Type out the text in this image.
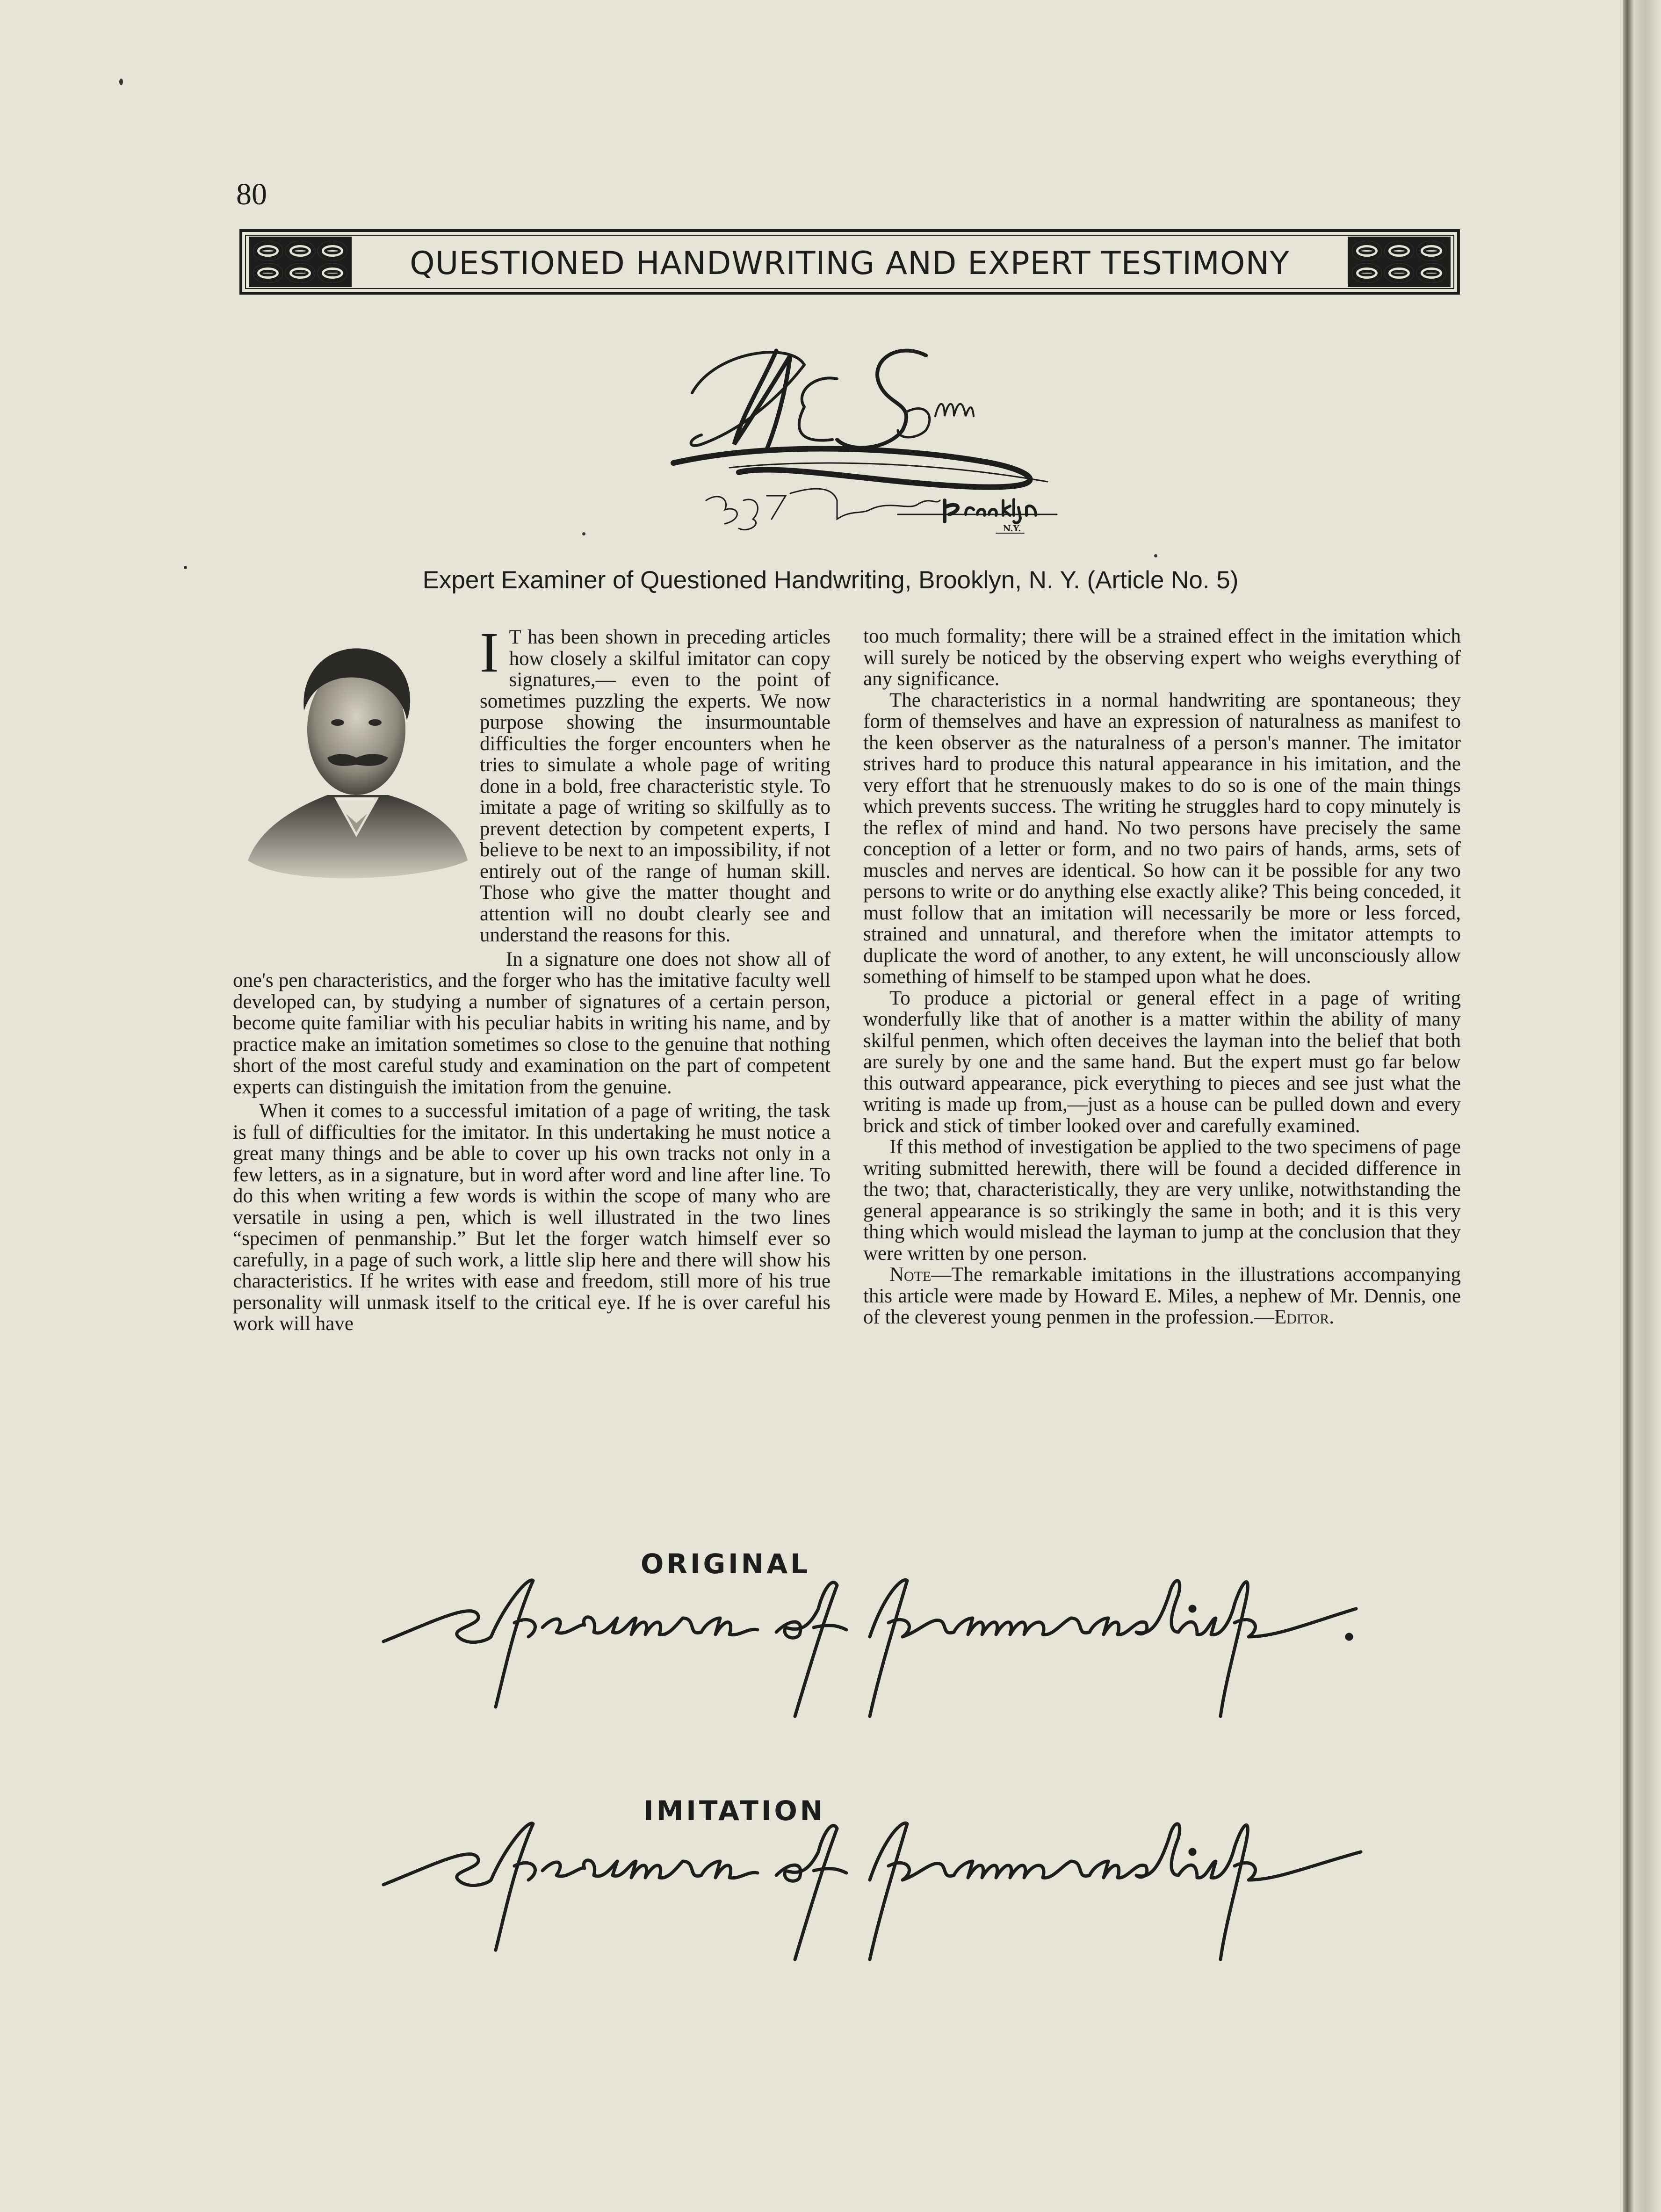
80
QUESTIONED HANDWRITING AND EXPERT TESTIMONY
N.Y.
Expert Examiner of Questioned Handwriting, Brooklyn, N. Y. (Article No. 5)

I T has been shown in preceding articles how closely a skilful imitator can copy signatures,— even to the point of sometimes puzzling the experts. We now purpose showing the insurmountable difficulties the forger encounters when he tries to simulate a whole page of writing done in a bold, free characteristic style. To imitate a page of writing so skilfully as to prevent detection by competent experts, I believe to be next to an impossibility, if not entirely out of the range of human skill. Those who give the matter thought and attention will no doubt clearly see and understand the reasons for this.

In a signature one does not show all of one's pen characteristics, and the forger who has the imitative faculty well developed can, by studying a number of signatures of a certain person, become quite familiar with his peculiar habits in writing his name, and by practice make an imitation sometimes so close to the genuine that nothing short of the most careful study and examination on the part of competent experts can distinguish the imitation from the genuine.

When it comes to a successful imitation of a page of writing, the task is full of difficulties for the imitator. In this undertaking he must notice a great many things and be able to cover up his own tracks not only in a few letters, as in a signature, but in word after word and line after line. To do this when writing a few words is within the scope of many who are versatile in using a pen, which is well illustrated in the two lines “specimen of penmanship.” But let the forger watch himself ever so carefully, in a page of such work, a little slip here and there will show his characteristics. If he writes with ease and freedom, still more of his true personality will unmask itself to the critical eye. If he is over careful his work will have

too much formality; there will be a strained effect in the imitation which will surely be noticed by the observing expert who weighs everything of any significance.

The characteristics in a normal handwriting are spontaneous; they form of themselves and have an expression of naturalness as manifest to the keen observer as the naturalness of a person's manner. The imitator strives hard to produce this natural appearance in his imitation, and the very effort that he strenuously makes to do so is one of the main things which prevents success. The writing he struggles hard to copy minutely is the reflex of mind and hand. No two persons have precisely the same conception of a letter or form, and no two pairs of hands, arms, sets of muscles and nerves are identical. So how can it be possible for any two persons to write or do anything else exactly alike? This being conceded, it must follow that an imitation will necessarily be more or less forced, strained and unnatural, and therefore when the imitator attempts to duplicate the word of another, to any extent, he will unconsciously allow something of himself to be stamped upon what he does.

To produce a pictorial or general effect in a page of writing wonderfully like that of another is a matter within the ability of many skilful penmen, which often deceives the layman into the belief that both are surely by one and the same hand. But the expert must go far below this outward appearance, pick everything to pieces and see just what the writing is made up from,—just as a house can be pulled down and every brick and stick of timber looked over and carefully examined.

If this method of investigation be applied to the two specimens of page writing submitted herewith, there will be found a decided difference in the two; that, characteristically, they are very unlike, notwithstanding the general appearance is so strikingly the same in both; and it is this very thing which would mislead the layman to jump at the conclusion that they were written by one person.

Note—The remarkable imitations in the illustrations accompanying this article were made by Howard E. Miles, a nephew of Mr. Dennis, one of the cleverest young penmen in the profession.—Editor.

ORIGINAL
Specimen of penmanship.
IMITATION
Specimen of penmanship
